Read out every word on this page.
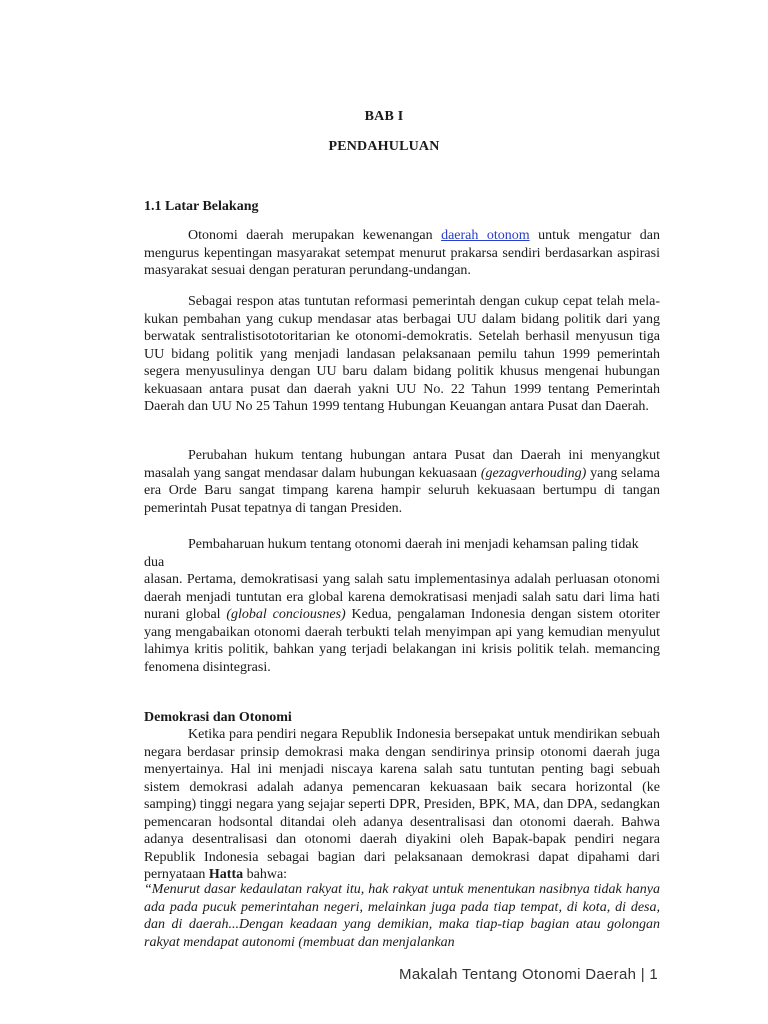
BAB I
PENDAHULUAN
1.1 Latar Belakang

Otonomi daerah merupakan kewenangan daerah otonom untuk mengatur dan mengurus kepentingan masyarakat setempat menurut prakarsa sendiri berdasarkan aspirasi masyarakat sesuai dengan peraturan perundang-undangan.

Sebagai respon atas tuntutan reformasi pemerintah dengan cukup cepat telah mela-kukan pembahan yang cukup mendasar atas berbagai UU dalam bidang politik dari yang berwatak sentralistisototoritarian ke otonomi-demokratis. Setelah berhasil menyusun tiga UU bidang politik yang menjadi landasan pelaksanaan pemilu tahun 1999 pemerintah segera menyusulinya dengan UU baru dalam bidang politik khusus mengenai hubungan kekuasaan antara pusat dan daerah yakni UU No. 22 Tahun 1999 tentang Pemerintah Daerah dan UU No 25 Tahun 1999 tentang Hubungan Keuangan antara Pusat dan Daerah.

Perubahan hukum tentang hubungan antara Pusat dan Daerah ini menyangkut masalah yang sangat mendasar dalam hubungan kekuasaan (gezagverhouding) yang selama era Orde Baru sangat timpang karena hampir seluruh kekuasaan bertumpu di tangan pemerintah Pusat tepatnya di tangan Presiden.

Pembaharuan hukum tentang otonomi daerah ini menjadi kehamsan paling tidak dua

alasan. Pertama, demokratisasi yang salah satu implementasinya adalah perluasan otonomi daerah menjadi tuntutan era global karena demokratisasi menjadi salah satu dari lima hati nurani global (global conciousnes) Kedua, pengalaman Indonesia dengan sistem otoriter yang mengabaikan otonomi daerah terbukti telah menyimpan api yang kemudian menyulut lahimya kritis politik, bahkan yang terjadi belakangan ini krisis politik telah. memancing fenomena disintegrasi.

Demokrasi dan Otonomi

Ketika para pendiri negara Republik Indonesia bersepakat untuk mendirikan sebuah negara berdasar prinsip demokrasi maka dengan sendirinya prinsip otonomi daerah juga menyertainya. Hal ini menjadi niscaya karena salah satu tuntutan penting bagi sebuah sistem demokrasi adalah adanya pemencaran kekuasaan baik secara horizontal (ke samping) tinggi negara yang sejajar seperti DPR, Presiden, BPK, MA, dan DPA, sedangkan pemencaran hodsontal ditandai oleh adanya desentralisasi dan otonomi daerah. Bahwa adanya desentralisasi dan otonomi daerah diyakini oleh Bapak-bapak pendiri negara Republik Indonesia sebagai bagian dari pelaksanaan demokrasi dapat dipahami dari pernyataan Hatta bahwa:

“Menurut dasar kedaulatan rakyat itu, hak rakyat untuk menentukan nasibnya tidak hanya ada pada pucuk pemerintahan negeri, melainkan juga pada tiap tempat, di kota, di desa, dan di daerah...Dengan keadaan yang demikian, maka tiap-tiap bagian atau golongan rakyat mendapat autonomi (membuat dan menjalankan

Makalah Tentang Otonomi Daerah | 1
